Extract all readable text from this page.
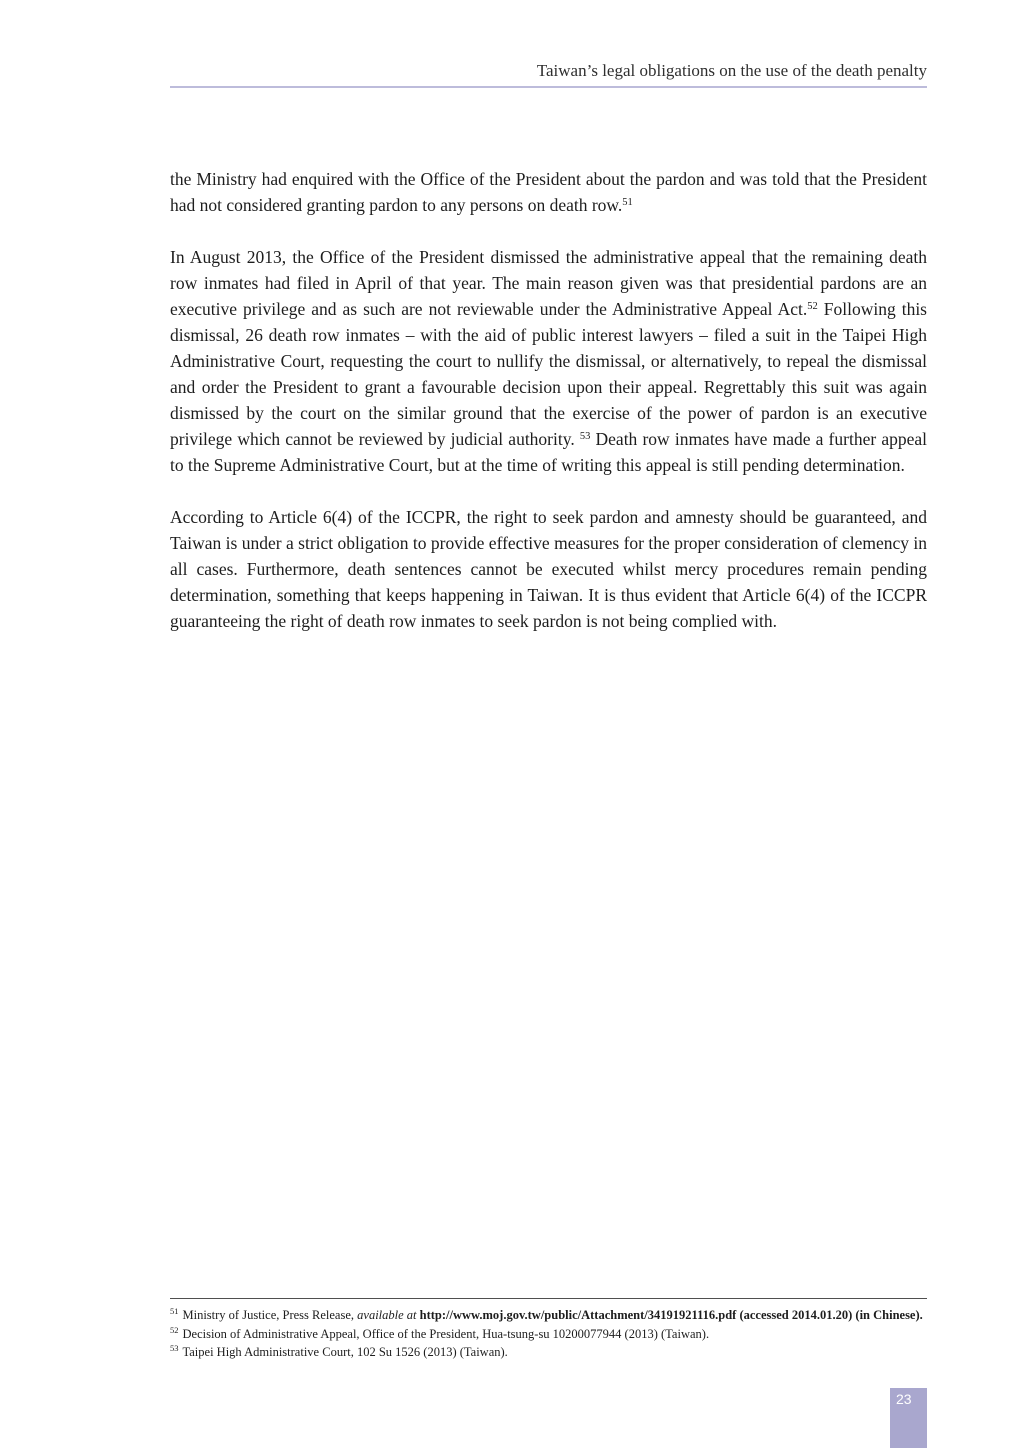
Taiwan’s legal obligations on the use of the death penalty

the Ministry had enquired with the Office of the President about the pardon and was told that the President had not considered granting pardon to any persons on death row.$^{51}$

In August 2013, the Office of the President dismissed the administrative appeal that the remaining death row inmates had filed in April of that year. The main reason given was that presidential pardons are an executive privilege and as such are not reviewable under the Administrative Appeal Act.$^{52}$ Following this dismissal, 26 death row inmates – with the aid of public interest lawyers – filed a suit in the Taipei High Administrative Court, requesting the court to nullify the dismissal, or alternatively, to repeal the dismissal and order the President to grant a favourable decision upon their appeal. Regrettably this suit was again dismissed by the court on the similar ground that the exercise of the power of pardon is an executive privilege which cannot be reviewed by judicial authority. $^{53}$ Death row inmates have made a further appeal to the Supreme Administrative Court, but at the time of writing this appeal is still pending determination.

According to Article 6(4) of the ICCPR, the right to seek pardon and amnesty should be guaranteed, and Taiwan is under a strict obligation to provide effective measures for the proper consideration of clemency in all cases. Furthermore, death sentences cannot be executed whilst mercy procedures remain pending determination, something that keeps happening in Taiwan. It is thus evident that Article 6(4) of the ICCPR guaranteeing the right of death row inmates to seek pardon is not being complied with.

$^{51}$ Ministry of Justice, Press Release, available at http://www.moj.gov.tw/public/Attachment/34191921116.pdf (accessed 2014.01.20) (in Chinese).
$^{52}$ Decision of Administrative Appeal, Office of the President, Hua-tsung-su 10200077944 (2013) (Taiwan).
$^{53}$ Taipei High Administrative Court, 102 Su 1526 (2013) (Taiwan).
23
